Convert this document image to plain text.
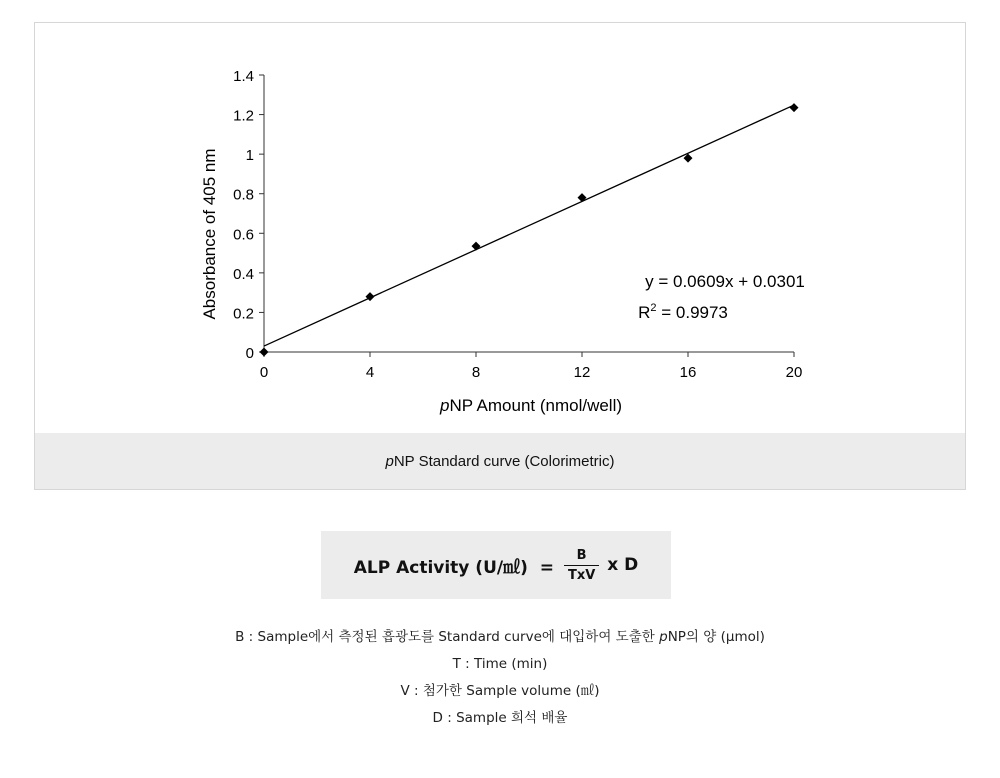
0
0.2
0.4
0.6
0.8
1
1.2
1.4
0	4	8	12	16	20
y = 0.0609x + 0.0301
$R^2 = 0.9973$
pNP Amount (nmol/well)
Absorbance of 405 nm
p NP Standard curve (Colorimetric)
ALP Activity (U/㎖)  = $\frac{B}{\text{TxV}}$ x D
B : Sample에서 측정된 흡광도를 Standard curve에 대입하여 도출한 pNP의 양 (μmol)
T : Time (min)
V : 첨가한 Sample volume (㎖)
D : Sample 희석 배율
